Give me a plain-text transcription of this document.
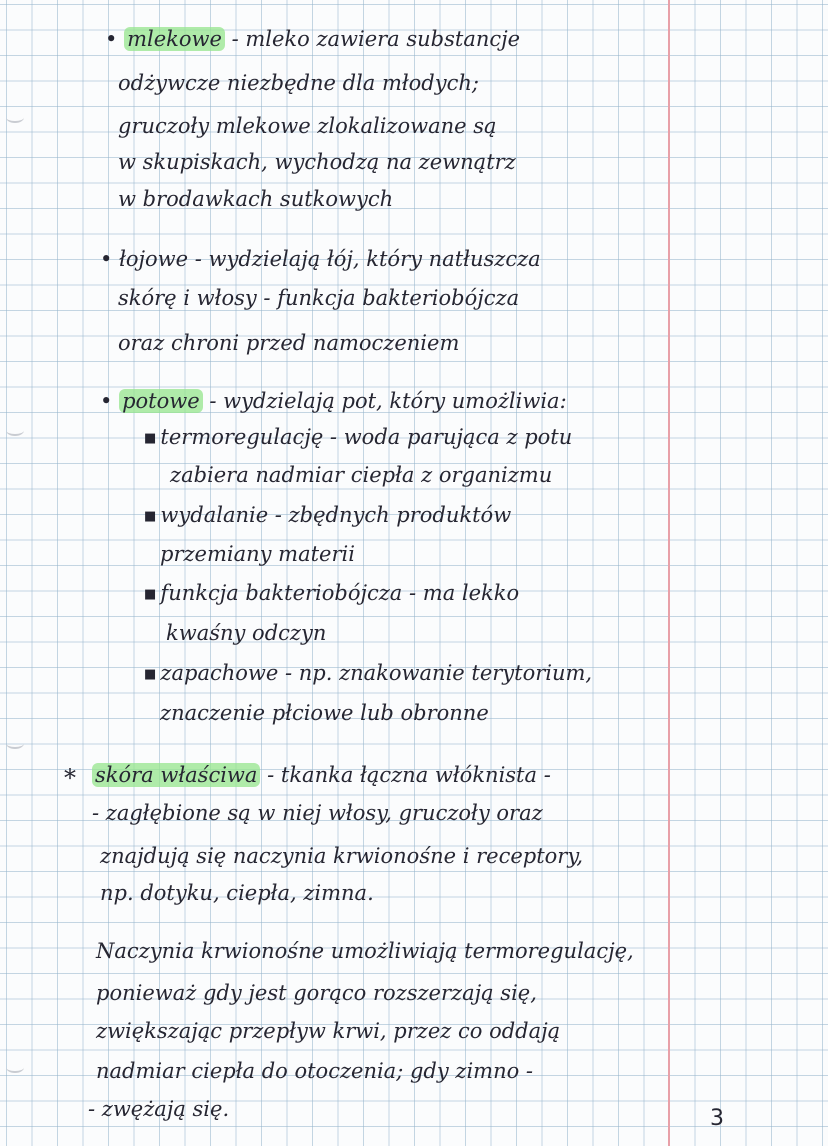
• mlekowe - mleko zawiera substancje
odżywcze niezbędne dla młodych;
gruczoły mlekowe zlokalizowane są
w skupiskach, wychodzą na zewnątrz
w brodawkach sutkowych
• łojowe - wydzielają łój, który natłuszcza
skórę i włosy - funkcja bakteriobójcza
oraz chroni przed namoczeniem
• potowe - wydzielają pot, który umożliwia:
■ termoregulację - woda parująca z potu
zabiera nadmiar ciepła z organizmu
■ wydalanie - zbędnych produktów
przemiany materii
■ funkcja bakteriobójcza - ma lekko
kwaśny odczyn
■ zapachowe - np. znakowanie terytorium,
znaczenie płciowe lub obronne
* skóra właściwa - tkanka łączna włóknista -
- zagłębione są w niej włosy, gruczoły oraz
znajdują się naczynia krwionośne i receptory,
np. dotyku, ciepła, zimna.
Naczynia krwionośne umożliwiają termoregulację,
ponieważ gdy jest gorąco rozszerzają się,
zwiększając przepływ krwi, przez co oddają
nadmiar ciepła do otoczenia; gdy zimno -
- zwężają się.	3
